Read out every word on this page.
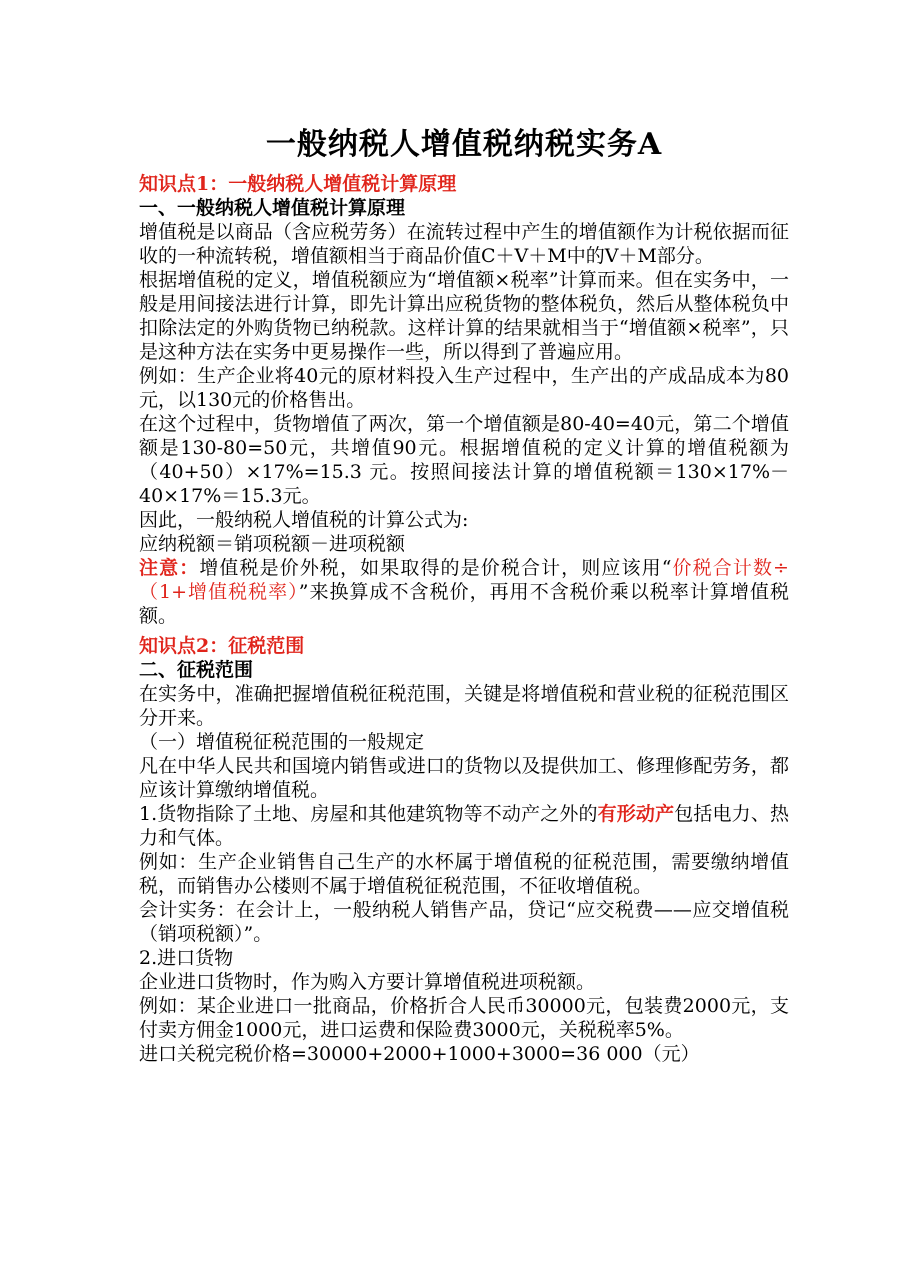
一般纳税人增值税纳税实务A
知识点1：一般纳税人增值税计算原理
一、一般纳税人增值税计算原理

增值税是以商品（含应税劳务）在流转过程中产生的增值额作为计税依据而征收的一种流转税，增值额相当于商品价值C＋V＋M中的V＋M部分。

根据增值税的定义，增值税额应为“增值额×税率”计算而来。但在实务中，一般是用间接法进行计算，即先计算出应税货物的整体税负，然后从整体税负中扣除法定的外购货物已纳税款。这样计算的结果就相当于“增值额×税率”，只是这种方法在实务中更易操作一些，所以得到了普遍应用。

例如：生产企业将40元的原材料投入生产过程中，生产出的产成品成本为80元，以130元的价格售出。

在这个过程中，货物增值了两次，第一个增值额是80-40=40元，第二个增值额是130-80=50元，共增值90元。根据增值税的定义计算的增值税额为（40+50）×17%=15.3 元。按照间接法计算的增值税额＝130×17%－40×17%＝15.3元。

因此，一般纳税人增值税的计算公式为:

应纳税额＝销项税额－进项税额

注意：增值税是价外税，如果取得的是价税合计，则应该用“价税合计数÷（1+增值税税率）”来换算成不含税价，再用不含税价乘以税率计算增值税额。

知识点2：征税范围
二、征税范围

在实务中，准确把握增值税征税范围，关键是将增值税和营业税的征税范围区分开来。

（一）增值税征税范围的一般规定

凡在中华人民共和国境内销售或进口的货物以及提供加工、修理修配劳务，都应该计算缴纳增值税。

1.货物指除了土地、房屋和其他建筑物等不动产之外的有形动产包括电力、热力和气体。

例如：生产企业销售自己生产的水杯属于增值税的征税范围，需要缴纳增值税，而销售办公楼则不属于增值税征税范围，不征收增值税。

会计实务：在会计上，一般纳税人销售产品，贷记“应交税费——应交增值税（销项税额）”。

2.进口货物

企业进口货物时，作为购入方要计算增值税进项税额。

例如：某企业进口一批商品，价格折合人民币30000元，包装费2000元，支付卖方佣金1000元，进口运费和保险费3000元，关税税率5%。

进口关税完税价格=30000+2000+1000+3000=36 000（元）
